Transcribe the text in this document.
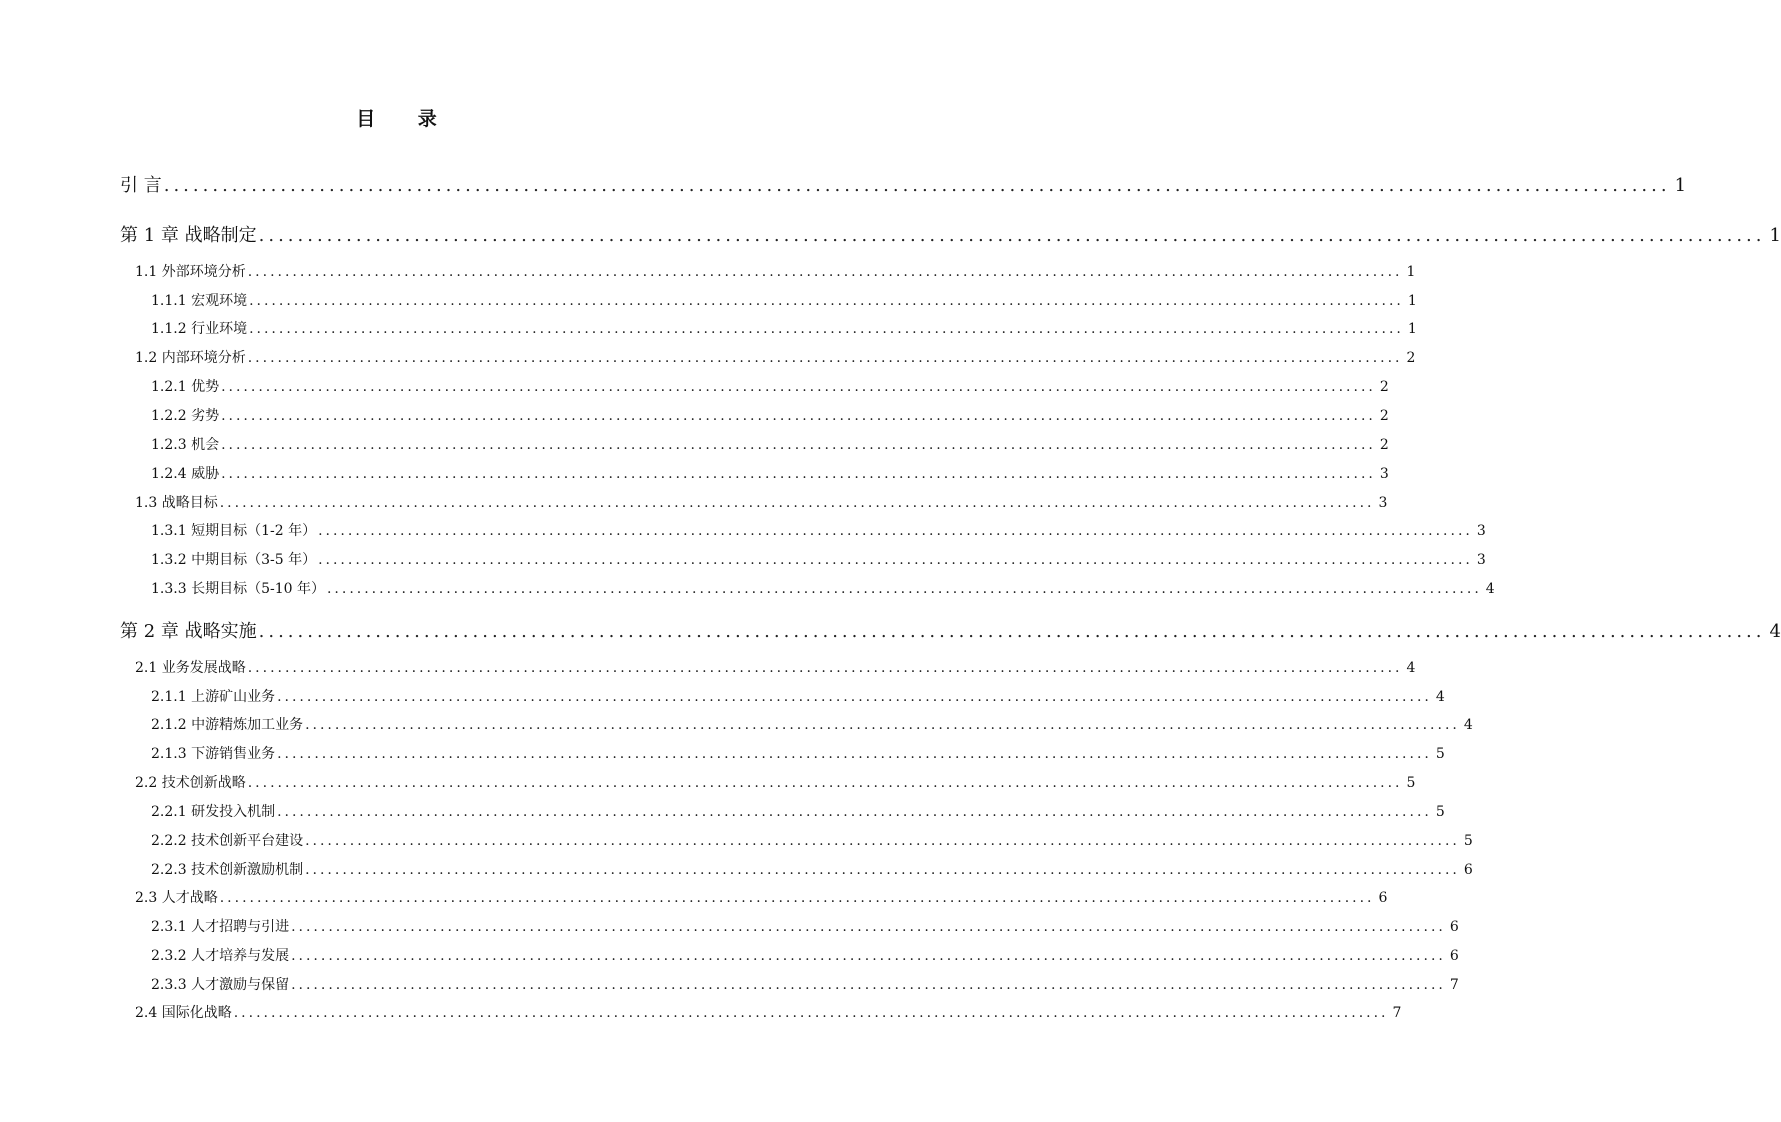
目 录
引 言 ........................................................................................................................................................... 1
第 1 章 战略制定 ........................................................................................................................................................... 1
1.1 外部环境分析 ........................................................................................................................................................... 1
1.1.1 宏观环境 ........................................................................................................................................................... 1
1.1.2 行业环境 ........................................................................................................................................................... 1
1.2 内部环境分析 ........................................................................................................................................................... 2
1.2.1 优势 ........................................................................................................................................................... 2
1.2.2 劣势 ........................................................................................................................................................... 2
1.2.3 机会 ........................................................................................................................................................... 2
1.2.4 威胁 ........................................................................................................................................................... 3
1.3 战略目标 ........................................................................................................................................................... 3
1.3.1 短期目标（1-2 年） ........................................................................................................................................................... 3
1.3.2 中期目标（3-5 年） ........................................................................................................................................................... 3
1.3.3 长期目标（5-10 年） ........................................................................................................................................................... 4
第 2 章 战略实施 ........................................................................................................................................................... 4
2.1 业务发展战略 ........................................................................................................................................................... 4
2.1.1 上游矿山业务 ........................................................................................................................................................... 4
2.1.2 中游精炼加工业务 ........................................................................................................................................................... 4
2.1.3 下游销售业务 ........................................................................................................................................................... 5
2.2 技术创新战略 ........................................................................................................................................................... 5
2.2.1 研发投入机制 ........................................................................................................................................................... 5
2.2.2 技术创新平台建设 ........................................................................................................................................................... 5
2.2.3 技术创新激励机制 ........................................................................................................................................................... 6
2.3 人才战略 ........................................................................................................................................................... 6
2.3.1 人才招聘与引进 ........................................................................................................................................................... 6
2.3.2 人才培养与发展 ........................................................................................................................................................... 6
2.3.3 人才激励与保留 ........................................................................................................................................................... 7
2.4 国际化战略 ........................................................................................................................................................... 7
